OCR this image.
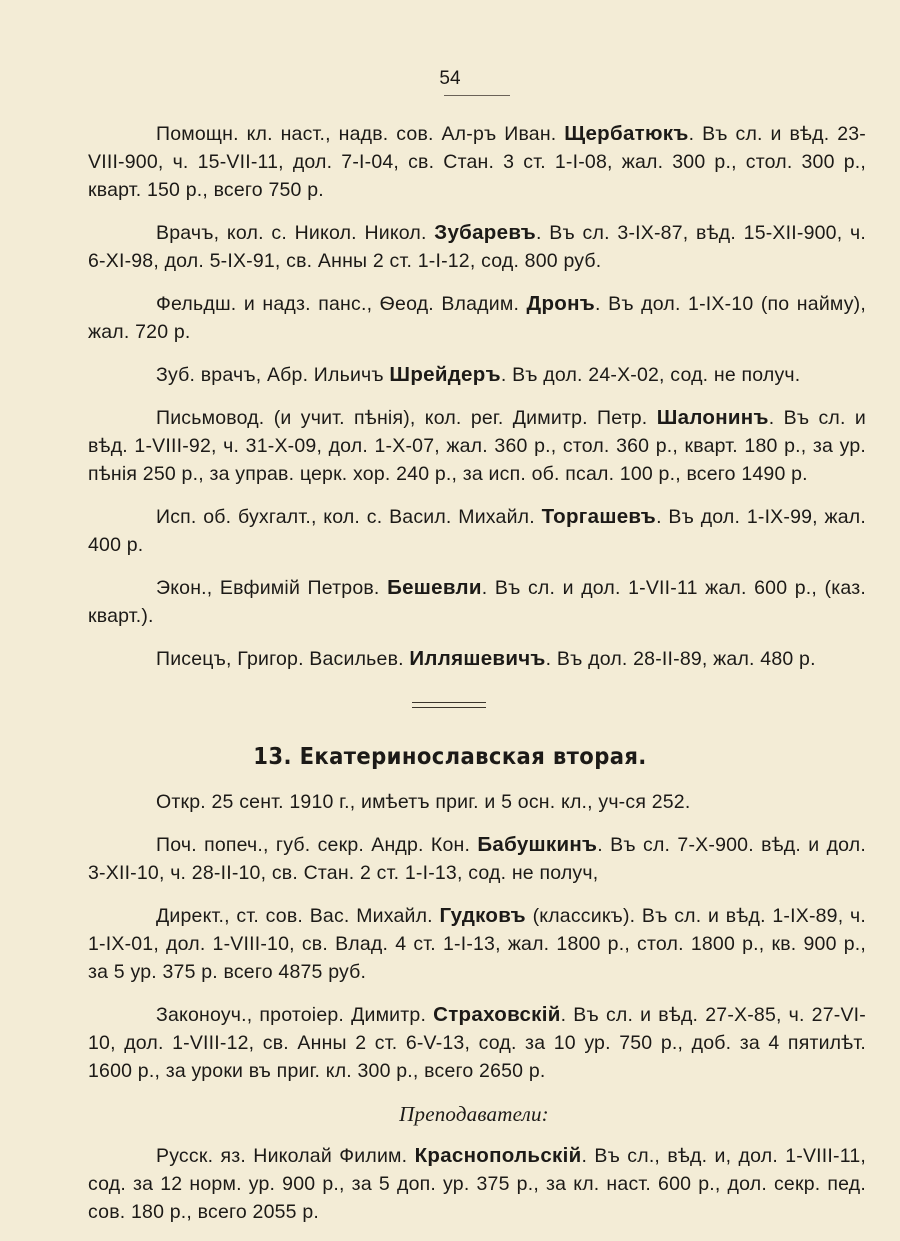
54

Помощн. кл. наст., надв. сов. Ал-ръ Иван. Щербатюкъ. Въ сл. и вѣд. 23-VIII-900, ч. 15-VII-11, дол. 7-I-04, св. Стан. 3 ст. 1-I-08, жал. 300 р., стол. 300 р., кварт. 150 р., всего 750 р.

Врачъ, кол. с. Никол. Никол. Зубаревъ. Въ сл. 3-IX-87, вѣд. 15-XII-900, ч. 6-XI-98, дол. 5-IX-91, св. Анны 2 ст. 1-I-12, сод. 800 руб.

Фельдш. и надз. панс., Ѳеод. Владим. Дронъ. Въ дол. 1-IX-10 (по найму), жал. 720 р.

Зуб. врачъ, Абр. Ильичъ Шрейдеръ. Въ дол. 24-X-02, сод. не получ.

Письмовод. (и учит. пѣнія), кол. рег. Димитр. Петр. Шалонинъ. Въ сл. и вѣд. 1-VIII-92, ч. 31-X-09, дол. 1-X-07, жал. 360 р., стол. 360 р., кварт. 180 р., за ур. пѣнія 250 р., за управ. церк. хор. 240 р., за исп. об. псал. 100 р., всего 1490 р.

Исп. об. бухгалт., кол. с. Васил. Михайл. Торгашевъ. Въ дол. 1-IX-99, жал. 400 р.

Экон., Евфимій Петров. Бешевли. Въ сл. и дол. 1-VII-11 жал. 600 р., (каз. кварт.).

Писецъ, Григор. Васильев. Илляшевичъ. Въ дол. 28-II-89, жал. 480 р.

13. Екатеринославская вторая.

Откр. 25 сент. 1910 г., имѣетъ приг. и 5 осн. кл., уч-ся 252.

Поч. попеч., губ. секр. Андр. Кон. Бабушкинъ. Въ сл. 7-X-900. вѣд. и дол. 3-XII-10, ч. 28-II-10, св. Стан. 2 ст. 1-I-13, сод. не получ,

Директ., ст. сов. Вас. Михайл. Гудковъ (классикъ). Въ сл. и вѣд. 1-IX-89, ч. 1-IX-01, дол. 1-VIII-10, св. Влад. 4 ст. 1-I-13, жал. 1800 р., стол. 1800 р., кв. 900 р., за 5 ур. 375 р. всего 4875 руб.

Законоуч., протоіер. Димитр. Страховскій. Въ сл. и вѣд. 27-X-85, ч. 27-VI-10, дол. 1-VIII-12, св. Анны 2 ст. 6-V-13, сод. за 10 ур. 750 р., доб. за 4 пятилѣт. 1600 р., за уроки въ приг. кл. 300 р., всего 2650 р.

Преподаватели:

Русск. яз. Николай Филим. Краснопольскій. Въ сл., вѣд. и, дол. 1-VIII-11, сод. за 12 норм. ур. 900 р., за 5 доп. ур. 375 р., за кл. наст. 600 р., дол. секр. пед. сов. 180 р., всего 2055 р.
